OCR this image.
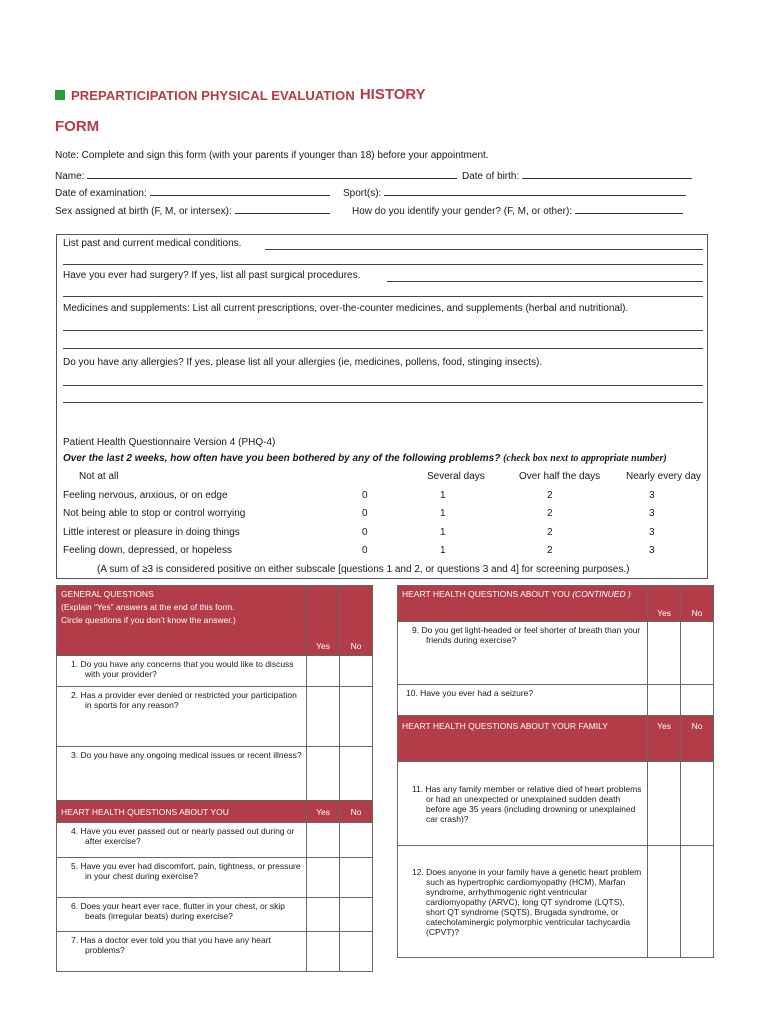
PREPARTICIPATION PHYSICAL EVALUATION HISTORY
FORM
Note: Complete and sign this form (with your parents if younger than 18) before your appointment.
Name:	Date of birth:
Date of examination:	Sport(s):
Sex assigned at birth (F, M, or intersex):	How do you identify your gender? (F, M, or other):
List past and current medical conditions.
Have you ever had surgery? If yes, list all past surgical procedures.
Medicines and supplements: List all current prescriptions, over-the-counter medicines, and supplements (herbal and nutritional).
Do you have any allergies? If yes, please list all your allergies (ie, medicines, pollens, food, stinging insects).
Patient Health Questionnaire Version 4 (PHQ-4)
Over the last 2 weeks, how often have you been bothered by any of the following problems? (check box next to appropriate number)
Not at all	Several days	Over half the days	Nearly every day
Feeling nervous, anxious, or on edge	0	1	2	3
Not being able to stop or control worrying	0	1	2	3
Little interest or pleasure in doing things	0	1	2	3
Feeling down, depressed, or hopeless	0	1	2	3
(A sum of ≥3 is considered positive on either subscale [questions 1 and 2, or questions 3 and 4] for screening purposes.)
GENERAL QUESTIONS
(Explain “Yes” answers at the end of this form.
Circle questions if you don’t know the answer.)	Yes	No

1. Do you have any concerns that you would like to discuss with your provider?		

2. Has a provider ever denied or restricted your participation in sports for any reason?		

3. Do you have any ongoing medical issues or recent illness?		

HEART HEALTH QUESTIONS ABOUT YOU	Yes	No

4. Have you ever passed out or nearly passed out during or after exercise?		

5. Have you ever had discomfort, pain, tightness, or pressure in your chest during exercise?		

6. Does your heart ever race, flutter in your chest, or skip beats (irregular beats) during exercise?		

7. Has a doctor ever told you that you have any heart problems?		

HEART HEALTH QUESTIONS ABOUT YOU (CONTINUED )	Yes	No

9. Do you get light-headed or feel shorter of breath than your friends during exercise?		

10. Have you ever had a seizure?		
HEART HEALTH QUESTIONS ABOUT YOUR FAMILY	Yes	No

11. Has any family member or relative died of heart problems or had an unexpected or unexplained sudden death before age 35 years (including drowning or unexplained car crash)?		

12. Does anyone in your family have a genetic heart problem such as hypertrophic cardiomyopathy (HCM), Marfan syndrome, arrhythmogenic right ventricular cardiomyopathy (ARVC), long QT syndrome (LQTS), short QT syndrome (SQTS), Brugada syndrome, or catecholaminergic polymorphic ventricular tachycardia (CPVT)?		
